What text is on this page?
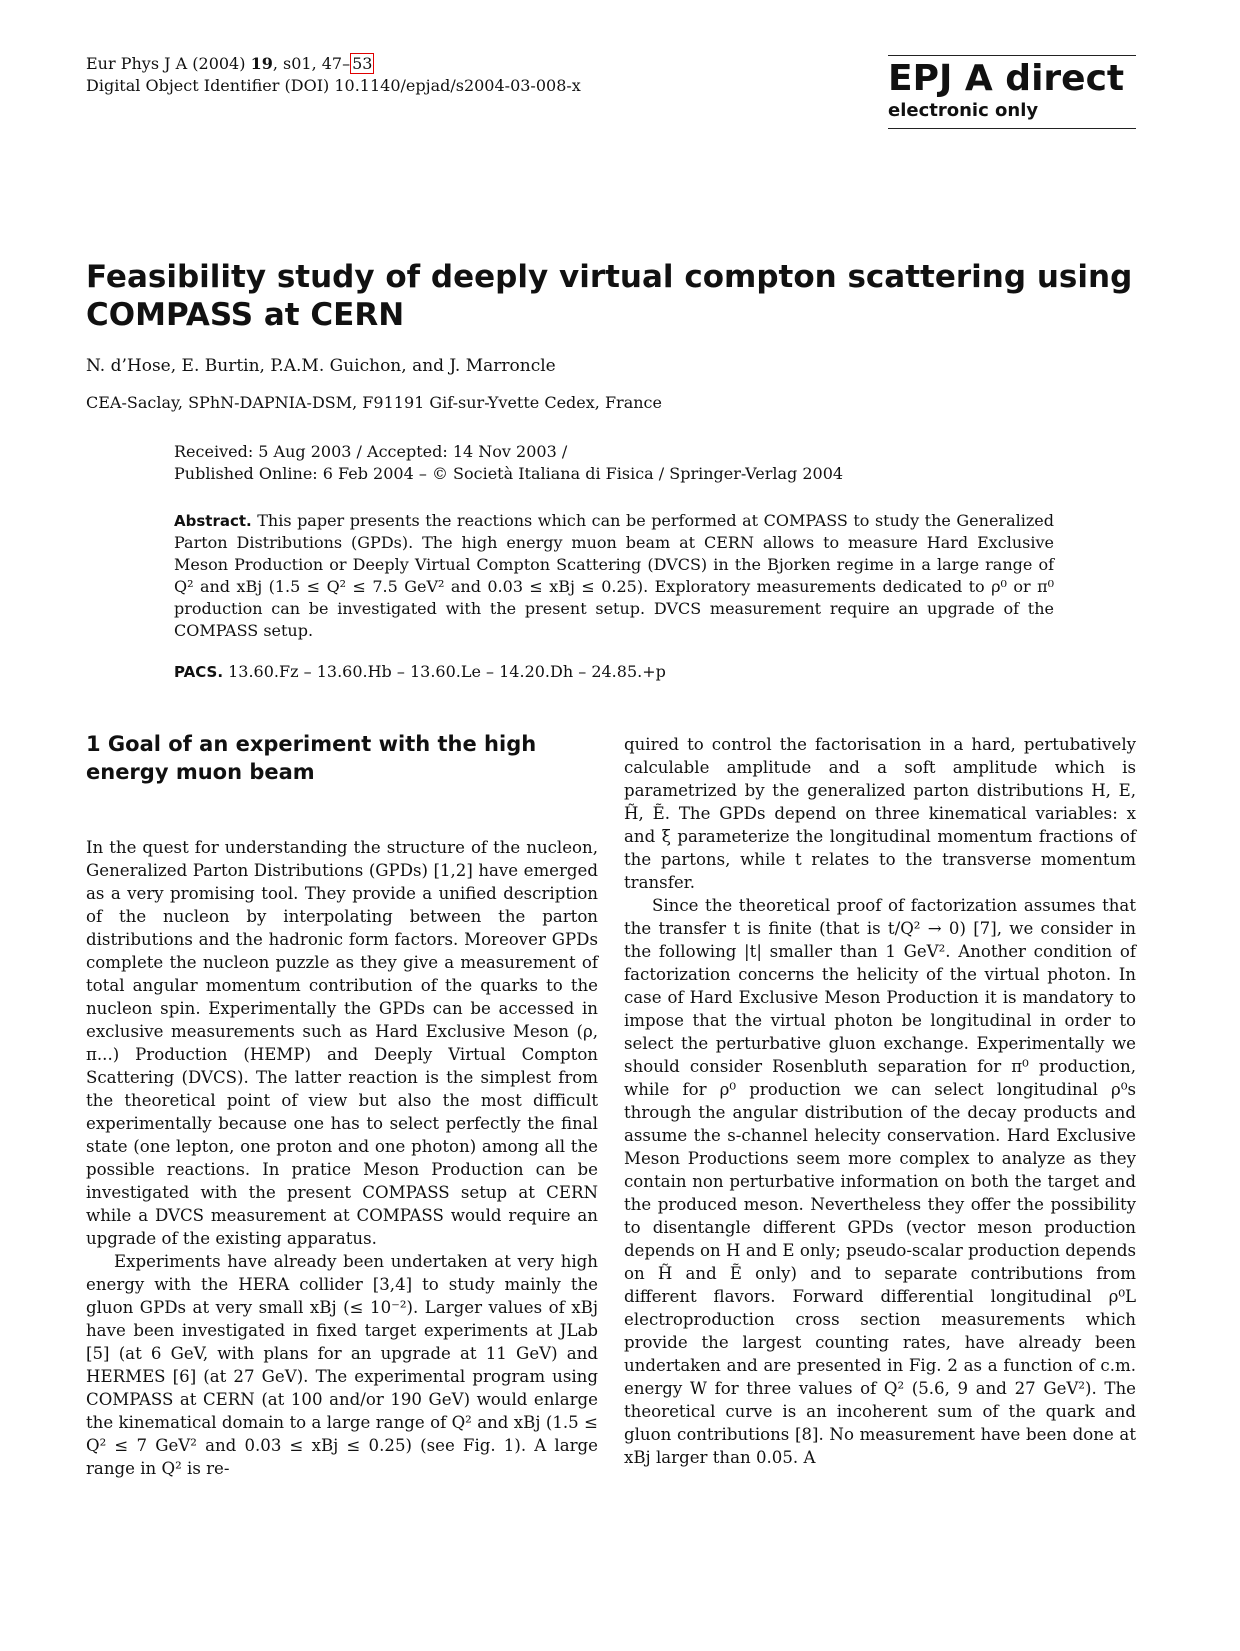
Eur Phys J A (2004) 19, s01, 47– 53
Digital Object Identifier (DOI) 10.1140/epjad/s2004-03-008-x	EPJ A direct
electronic only
Feasibility study of deeply virtual compton scattering using COMPASS at CERN
N. d’Hose, E. Burtin, P.A.M. Guichon, and J. Marroncle
CEA-Saclay, SPhN-DAPNIA-DSM, F91191 Gif-sur-Yvette Cedex, France
Received: 5 Aug 2003 / Accepted: 14 Nov 2003 /
Published Online: 6 Feb 2004 – © Società Italiana di Fisica / Springer-Verlag 2004
Abstract. This paper presents the reactions which can be performed at COMPASS to study the Generalized Parton Distributions (GPDs). The high energy muon beam at CERN allows to measure Hard Exclusive Meson Production or Deeply Virtual Compton Scattering (DVCS) in the Bjorken regime in a large range of Q² and xBj (1.5 ≤ Q² ≤ 7.5 GeV² and 0.03 ≤ xBj ≤ 0.25). Exploratory measurements dedicated to ρ⁰ or π⁰ production can be investigated with the present setup. DVCS measurement require an upgrade of the COMPASS setup.
PACS. 13.60.Fz – 13.60.Hb – 13.60.Le – 14.20.Dh – 24.85.+p
1 Goal of an experiment with the high energy muon beam

In the quest for understanding the structure of the nucleon, Generalized Parton Distributions (GPDs) [1,2] have emerged as a very promising tool. They provide a unified description of the nucleon by interpolating between the parton distributions and the hadronic form factors. Moreover GPDs complete the nucleon puzzle as they give a measurement of total angular momentum contribution of the quarks to the nucleon spin. Experimentally the GPDs can be accessed in exclusive measurements such as Hard Exclusive Meson (ρ, π...) Production (HEMP) and Deeply Virtual Compton Scattering (DVCS). The latter reaction is the simplest from the theoretical point of view but also the most difficult experimentally because one has to select perfectly the final state (one lepton, one proton and one photon) among all the possible reactions. In pratice Meson Production can be investigated with the present COMPASS setup at CERN while a DVCS measurement at COMPASS would require an upgrade of the existing apparatus.

Experiments have already been undertaken at very high energy with the HERA collider [3,4] to study mainly the gluon GPDs at very small xBj (≤ 10⁻²). Larger values of xBj have been investigated in fixed target experiments at JLab [5] (at 6 GeV, with plans for an upgrade at 11 GeV) and HERMES [6] (at 27 GeV). The experimental program using COMPASS at CERN (at 100 and/or 190 GeV) would enlarge the kinematical domain to a large range of Q² and xBj (1.5 ≤ Q² ≤ 7 GeV² and 0.03 ≤ xBj ≤ 0.25) (see Fig. 1). A large range in Q² is re-

quired to control the factorisation in a hard, pertubatively calculable amplitude and a soft amplitude which is parametrized by the generalized parton distributions H, E, H̃, Ẽ. The GPDs depend on three kinematical variables: x and ξ parameterize the longitudinal momentum fractions of the partons, while t relates to the transverse momentum transfer.

Since the theoretical proof of factorization assumes that the transfer t is finite (that is t/Q² → 0) [7], we consider in the following |t| smaller than 1 GeV². Another condition of factorization concerns the helicity of the virtual photon. In case of Hard Exclusive Meson Production it is mandatory to impose that the virtual photon be longitudinal in order to select the perturbative gluon exchange. Experimentally we should consider Rosenbluth separation for π⁰ production, while for ρ⁰ production we can select longitudinal ρ⁰s through the angular distribution of the decay products and assume the s-channel helecity conservation. Hard Exclusive Meson Productions seem more complex to analyze as they contain non perturbative information on both the target and the produced meson. Nevertheless they offer the possibility to disentangle different GPDs (vector meson production depends on H and E only; pseudo-scalar production depends on H̃ and Ẽ only) and to separate contributions from different flavors. Forward differential longitudinal ρ⁰L electroproduction cross section measurements which provide the largest counting rates, have already been undertaken and are presented in Fig. 2 as a function of c.m. energy W for three values of Q² (5.6, 9 and 27 GeV²). The theoretical curve is an incoherent sum of the quark and gluon contributions [8]. No measurement have been done at xBj larger than 0.05. A
